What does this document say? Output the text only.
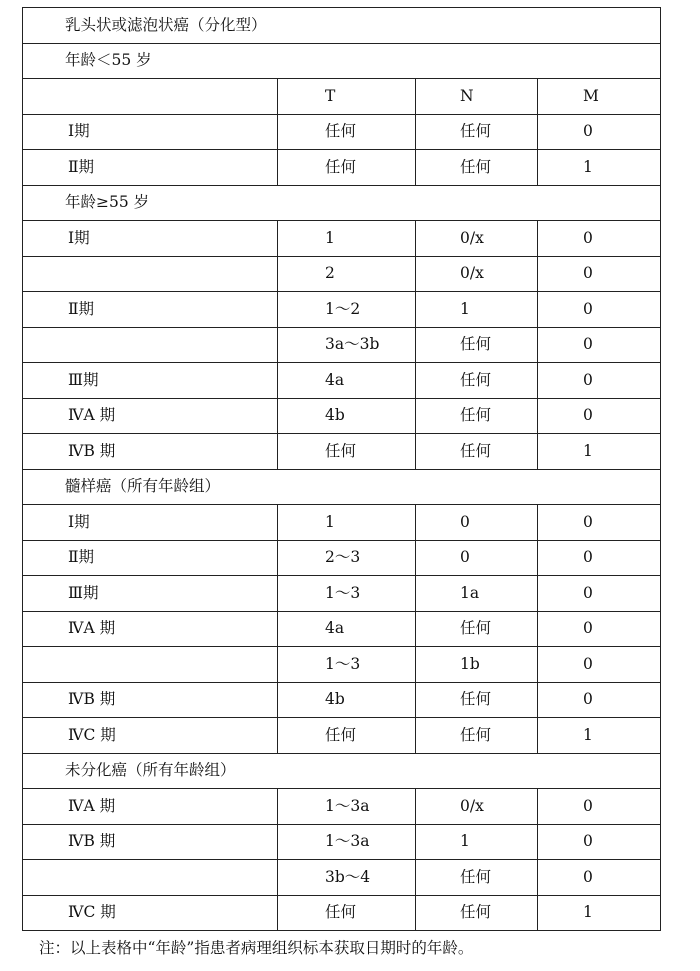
乳头状或滤泡状癌（分化型）			
年龄＜55 岁			
	T	N	M
Ⅰ期	任何	任何	0
Ⅱ期	任何	任何	1
年龄≥55 岁			
Ⅰ期	1	0/x	0
	2	0/x	0
Ⅱ期	1～2	1	0
	3a～3b	任何	0
Ⅲ期	4a	任何	0
ⅣA 期	4b	任何	0
ⅣB 期	任何	任何	1
髓样癌（所有年龄组）			
Ⅰ期	1	0	0
Ⅱ期	2～3	0	0
Ⅲ期	1～3	1a	0
ⅣA 期	4a	任何	0
	1～3	1b	0
ⅣB 期	4b	任何	0
ⅣC 期	任何	任何	1
未分化癌（所有年龄组）			
ⅣA 期	1～3a	0/x	0
ⅣB 期	1～3a	1	0
	3b～4	任何	0
ⅣC 期	任何	任何	1
注：以上表格中“年龄”指患者病理组织标本获取日期时的年龄。
